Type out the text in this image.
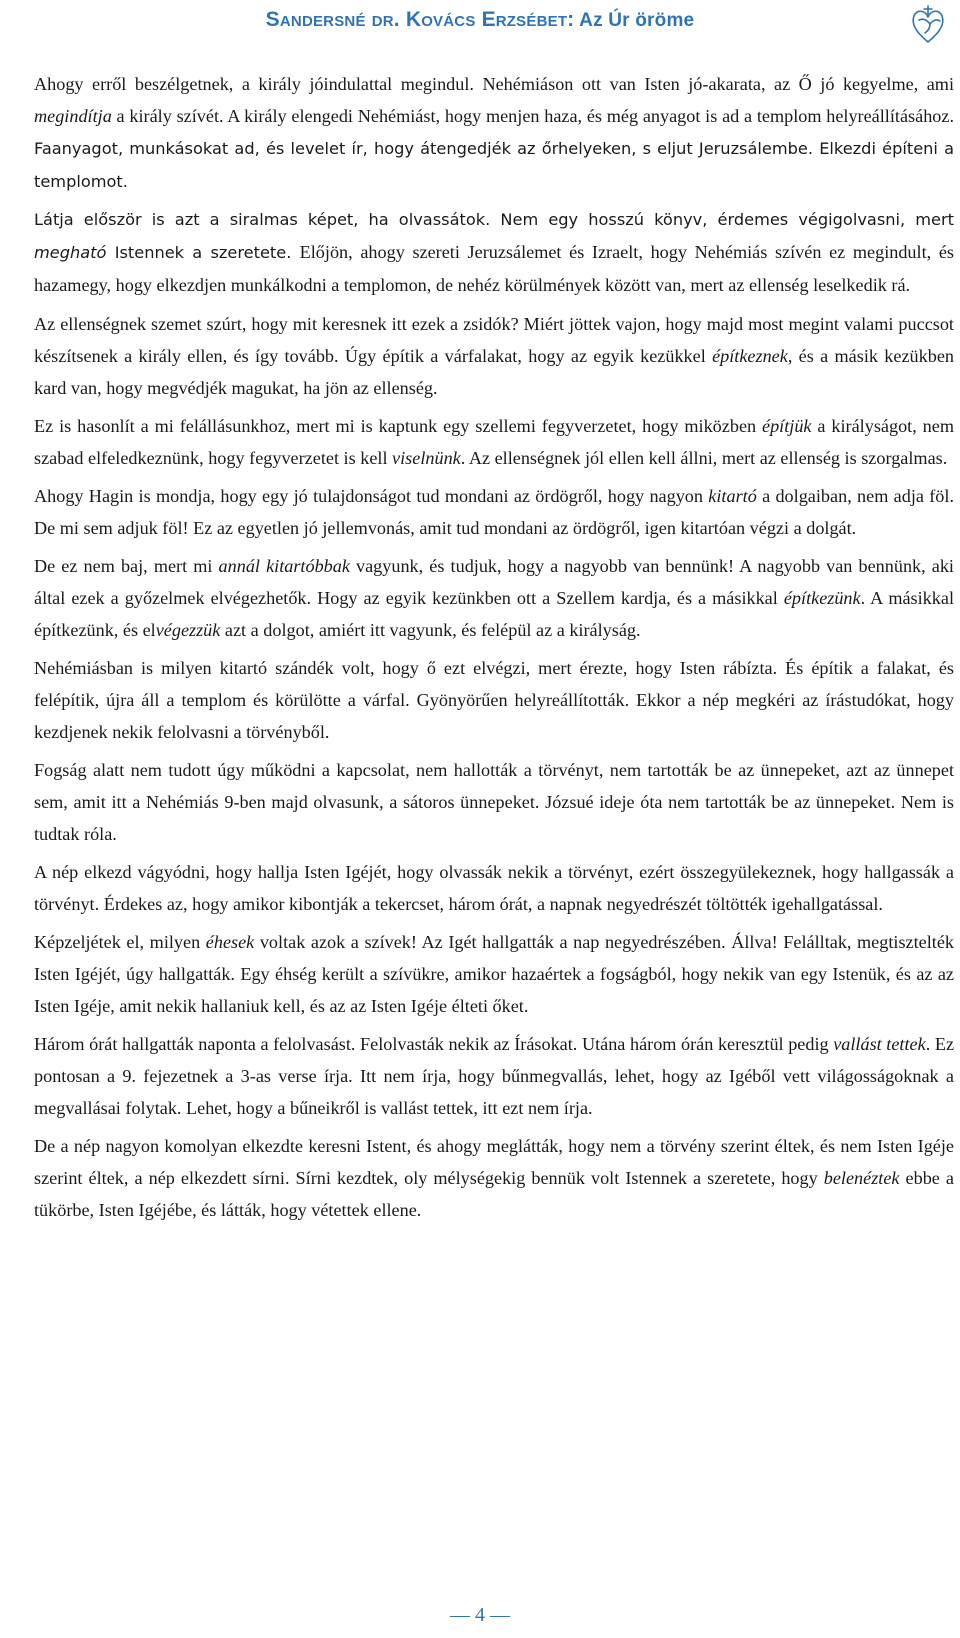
Sandersné dr. Kovács Erzsébet: Az Úr öröme

Ahogy erről beszélgetnek, a király jóindulattal megindul. Nehémiáson ott van Isten jó-akarata, az Ő jó kegyelme, ami megindítja a király szívét. A király elengedi Nehémiást, hogy menjen haza, és még anyagot is ad a templom helyreállításához. Faanyagot, munkásokat ad, és levelet ír, hogy átengedjék az őrhelyeken, s eljut Jeruzsálembe. Elkezdi építeni a templomot.

Látja először is azt a siralmas képet, ha olvassátok. Nem egy hosszú könyv, érdemes végigolvasni, mert megható Istennek a szeretete. Előjön, ahogy szereti Jeruzsálemet és Izraelt, hogy Nehémiás szívén ez megindult, és hazamegy, hogy elkezdjen munkálkodni a templomon, de nehéz körülmények között van, mert az ellenség leselkedik rá.

Az ellenségnek szemet szúrt, hogy mit keresnek itt ezek a zsidók? Miért jöttek vajon, hogy majd most megint valami puccsot készítsenek a király ellen, és így tovább. Úgy építik a várfalakat, hogy az egyik kezükkel építkeznek, és a másik kezükben kard van, hogy megvédjék magukat, ha jön az ellenség.

Ez is hasonlít a mi felállásunkhoz, mert mi is kaptunk egy szellemi fegyverzetet, hogy miközben építjük a királyságot, nem szabad elfeledkeznünk, hogy fegyverzetet is kell viselnünk. Az ellenségnek jól ellen kell állni, mert az ellenség is szorgalmas.

Ahogy Hagin is mondja, hogy egy jó tulajdonságot tud mondani az ördögről, hogy nagyon kitartó a dolgaiban, nem adja föl. De mi sem adjuk föl! Ez az egyetlen jó jellemvonás, amit tud mondani az ördögről, igen kitartóan végzi a dolgát.

De ez nem baj, mert mi annál kitartóbbak vagyunk, és tudjuk, hogy a nagyobb van bennünk! A nagyobb van bennünk, aki által ezek a győzelmek elvégezhetők. Hogy az egyik kezünkben ott a Szellem kardja, és a másikkal építkezünk. A másikkal építkezünk, és elvégezzük azt a dolgot, amiért itt vagyunk, és felépül az a királyság.

Nehémiásban is milyen kitartó szándék volt, hogy ő ezt elvégzi, mert érezte, hogy Isten rábízta. És építik a falakat, és felépítik, újra áll a templom és körülötte a várfal. Gyönyörűen helyreállították. Ekkor a nép megkéri az írástudókat, hogy kezdjenek nekik felolvasni a törvényből.

Fogság alatt nem tudott úgy működni a kapcsolat, nem hallották a törvényt, nem tartották be az ünnepeket, azt az ünnepet sem, amit itt a Nehémiás 9-ben majd olvasunk, a sátoros ünnepeket. Józsué ideje óta nem tartották be az ünnepeket. Nem is tudtak róla.

A nép elkezd vágyódni, hogy hallja Isten Igéjét, hogy olvassák nekik a törvényt, ezért összegyülekeznek, hogy hallgassák a törvényt. Érdekes az, hogy amikor kibontják a tekercset, három órát, a napnak negyedrészét töltötték igehallgatással.

Képzeljétek el, milyen éhesek voltak azok a szívek! Az Igét hallgatták a nap negyedrészében. Állva! Felálltak, megtisztelték Isten Igéjét, úgy hallgatták. Egy éhség került a szívükre, amikor hazaértek a fogságból, hogy nekik van egy Istenük, és az az Isten Igéje, amit nekik hallaniuk kell, és az az Isten Igéje élteti őket.

Három órát hallgatták naponta a felolvasást. Felolvasták nekik az Írásokat. Utána három órán keresztül pedig vallást tettek. Ez pontosan a 9. fejezetnek a 3-as verse írja. Itt nem írja, hogy bűnmegvallás, lehet, hogy az Igéből vett világosságoknak a megvallásai folytak. Lehet, hogy a bűneikről is vallást tettek, itt ezt nem írja.

De a nép nagyon komolyan elkezdte keresni Istent, és ahogy meglátták, hogy nem a törvény szerint éltek, és nem Isten Igéje szerint éltek, a nép elkezdett sírni. Sírni kezdtek, oly mélységekig bennük volt Istennek a szeretete, hogy belenéztek ebbe a tükörbe, Isten Igéjébe, és látták, hogy vétettek ellene.

— 4 —
